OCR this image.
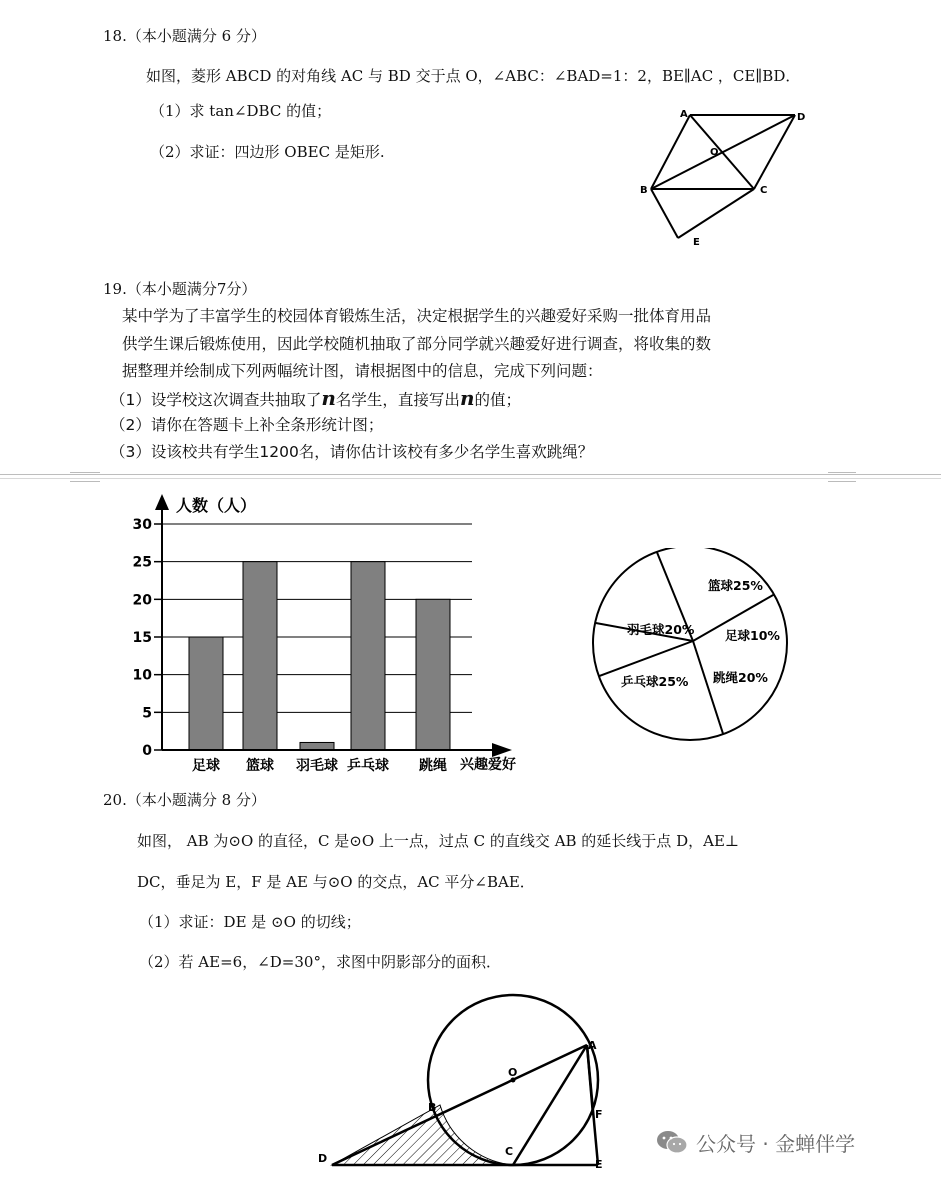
18.（本小题满分 6 分）
如图，菱形 ABCD 的对角线 AC 与 BD 交于点 O，∠ABC：∠BAD=1：2，BE∥AC ，CE∥BD．
（1）求 tan∠DBC 的值；
（2）求证：四边形 OBEC 是矩形.
A	D
O
B	C
E
19.（本小题满分7分）
某中学为了丰富学生的校园体育锻炼生活，决定根据学生的兴趣爱好采购一批体育用品
供学生课后锻炼使用，因此学校随机抽取了部分同学就兴趣爱好进行调查，将收集的数
据整理并绘制成下列两幅统计图，请根据图中的信息，完成下列问题：
（1）设学校这次调查共抽取了n名学生，直接写出n的值；
（2）请你在答题卡上补全条形统计图；
（3）设该校共有学生1200名，请你估计该校有多少名学生喜欢跳绳？
0
5
10
15
20
25
30
足球 篮球 羽毛球 乒乓球 跳绳
人数（人）
兴趣爱好
篮球25%
足球10%
跳绳20%
乒乓球25%
羽毛球20%
20.（本小题满分 8 分）
如图， AB 为⊙O 的直径，C 是⊙O 上一点，过点 C 的直线交 AB 的延长线于点 D，AE⊥
DC，垂足为 E，F 是 AE 与⊙O 的交点，AC 平分∠BAE．
（1）求证：DE 是 ⊙O 的切线；
（2）若 AE=6，∠D=30°，求图中阴影部分的面积．
A
O
B
D
C
F
E
公众号 · 金蝉伴学
